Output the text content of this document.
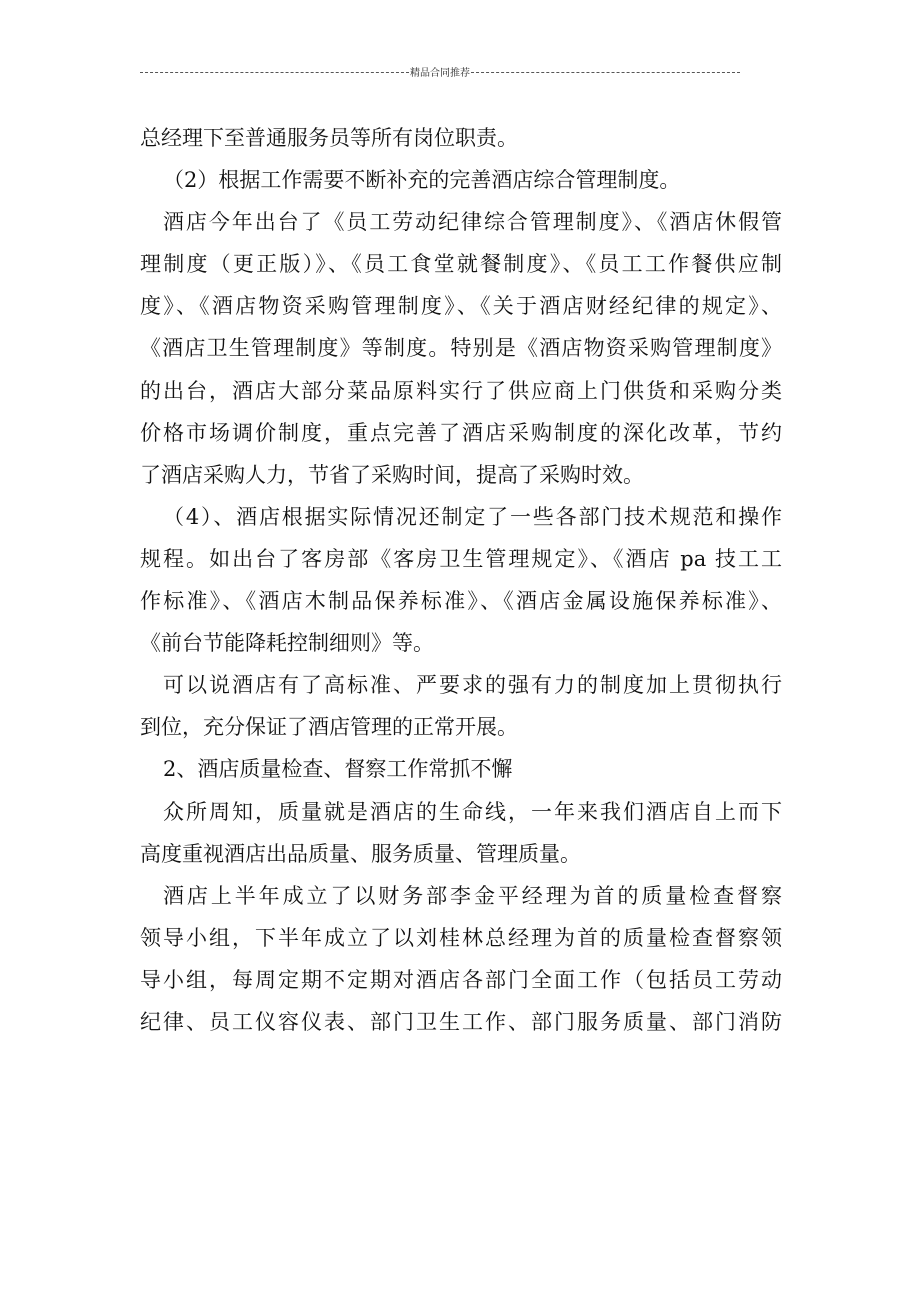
精品合同推荐
总经理下至普通服务员等所有岗位职责。
（2）根据工作需要不断补充的完善酒店综合管理制度。
酒店今年出台了《员工劳动纪律综合管理制度》、《酒店休假管
理制度（更正版）》、《员工食堂就餐制度》、《员工工作餐供应制
度》、《酒店物资采购管理制度》、《关于酒店财经纪律的规定》、
《酒店卫生管理制度》等制度。特别是《酒店物资采购管理制度》
的出台，酒店大部分菜品原料实行了供应商上门供货和采购分类
价格市场调价制度，重点完善了酒店采购制度的深化改革，节约
了酒店采购人力，节省了采购时间，提高了采购时效。
（4）、酒店根据实际情况还制定了一些各部门技术规范和操作
规程。如出台了客房部《客房卫生管理规定》、《酒店 pa 技工工
作标准》、《酒店木制品保养标准》、《酒店金属设施保养标准》、
《前台节能降耗控制细则》等。
可以说酒店有了高标准、严要求的强有力的制度加上贯彻执行
到位，充分保证了酒店管理的正常开展。
2、酒店质量检查、督察工作常抓不懈
众所周知，质量就是酒店的生命线，一年来我们酒店自上而下
高度重视酒店出品质量、服务质量、管理质量。
酒店上半年成立了以财务部李金平经理为首的质量检查督察
领导小组，下半年成立了以刘桂林总经理为首的质量检查督察领
导小组，每周定期不定期对酒店各部门全面工作（包括员工劳动
纪律、员工仪容仪表、部门卫生工作、部门服务质量、部门消防
